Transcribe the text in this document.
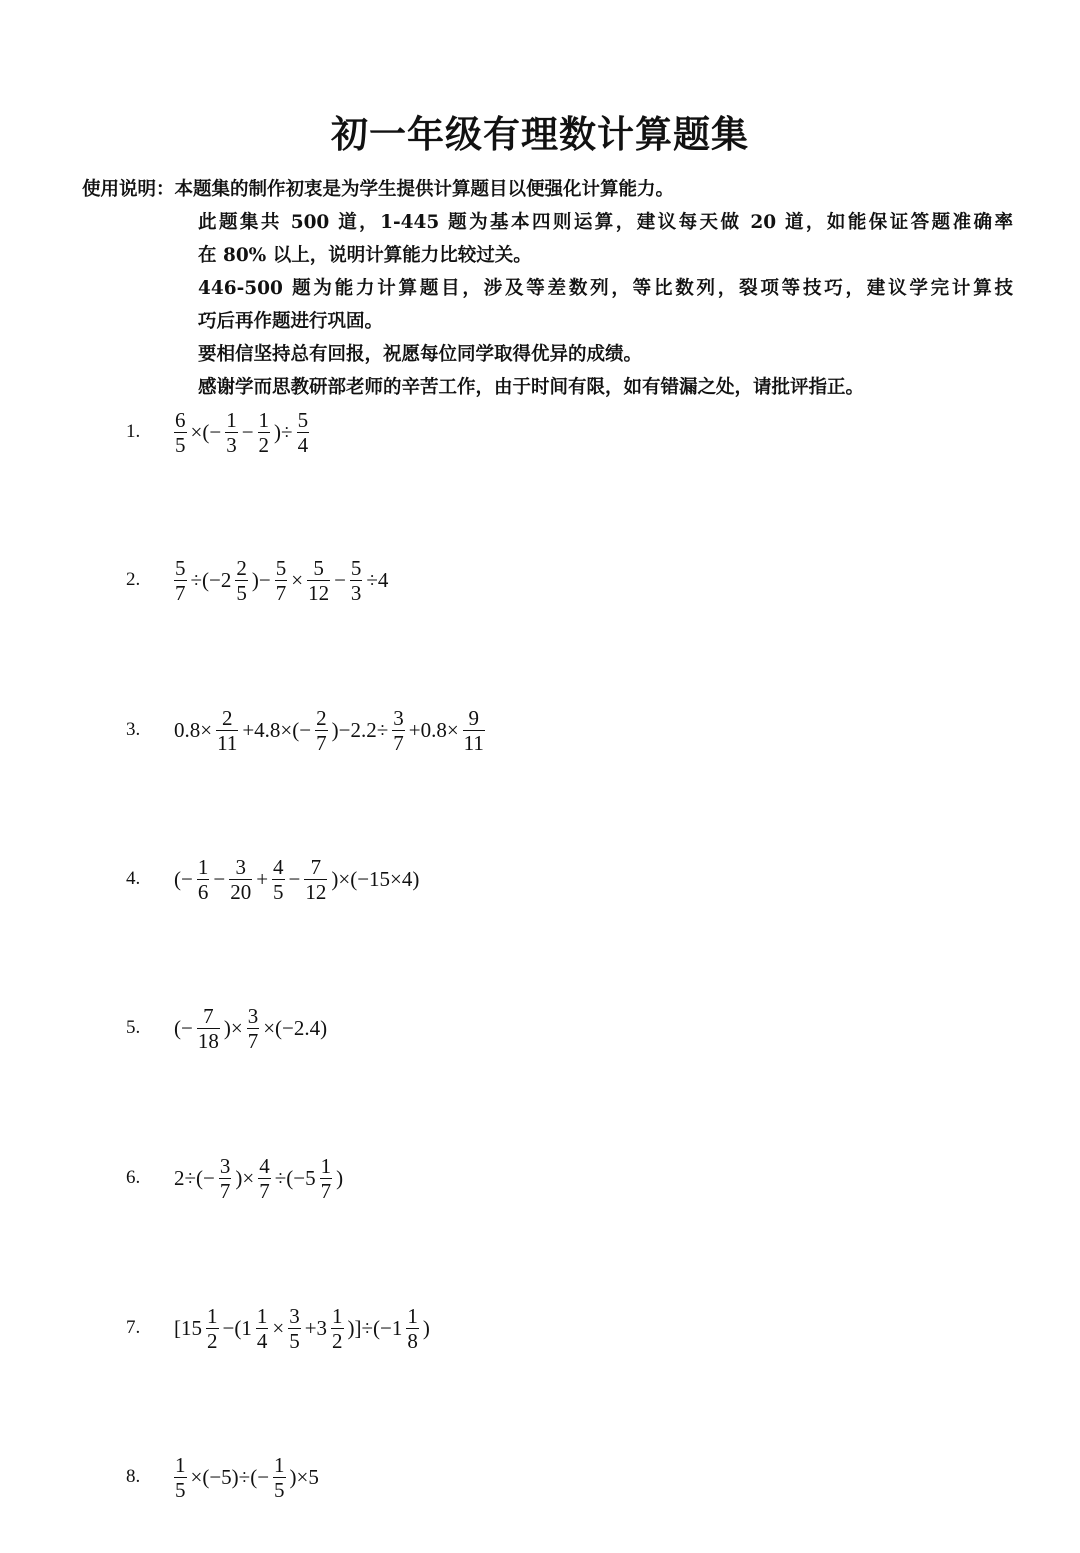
初一年级有理数计算题集
使用说明：本题集的制作初衷是为学生提供计算题目以便强化计算能力。
此题集共 500 道，1-445 题为基本四则运算，建议每天做 20 道，如能保证答题准确率
在 80% 以上，说明计算能力比较过关。
446-500 题为能力计算题目，涉及等差数列，等比数列，裂项等技巧，建议学完计算技
巧后再作题进行巩固。
要相信坚持总有回报，祝愿每位同学取得优异的成绩。
感谢学而思教研部老师的辛苦工作，由于时间有限，如有错漏之处，请批评指正。
1.	$\frac{6}{5}$ ×(− $\frac{1}{3} - \frac{1}{2}$ )÷ $\frac{5}{4}$
2.	$\frac{5}{7} \div(-2 \frac{2}{5}$ )− $\frac{5}{7} \times \frac{5}{12} - \frac{5}{3} \div 4$
3.	$0.8\times \frac{2}{11} +4.8\times(- \frac{2}{7} )-2.2\div \frac{3}{7} +0.8\times \frac{9}{11}$
4.	(− $\frac{1}{6} - \frac{3}{20} + \frac{4}{5} - \frac{7}{12} )\times(-15\times 4)$
5.	(− $\frac{7}{18}$ )× $\frac{3}{7} \times(-2.4)$
6.	$2\div(- \frac{3}{7}$ )× $\frac{4}{7} \div(-5 \frac{1}{7}$ )
7.	$[15 \frac{1}{2} -(1 \frac{1}{4} \times \frac{3}{5} +3 \frac{1}{2} )]\div(-1 \frac{1}{8}$ )
8.	$\frac{1}{5} \times(-5)\div(- \frac{1}{5} )\times 5$
